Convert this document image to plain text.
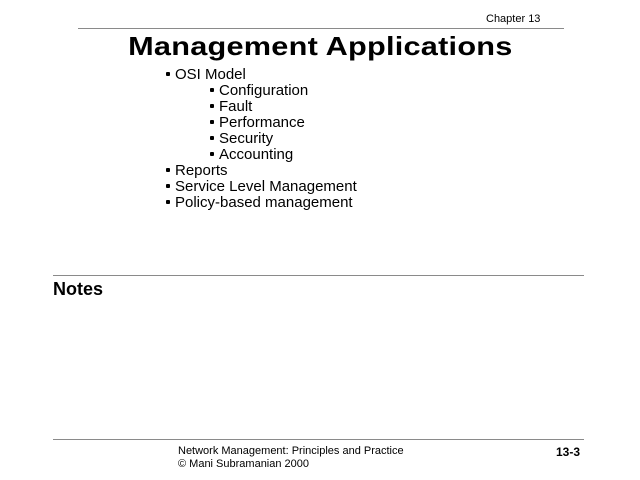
Chapter 13
Management Applications
OSI Model
Configuration
Fault
Performance
Security
Accounting
Reports
Service Level Management
Policy-based management
Notes
Network Management: Principles and Practice
© Mani Subramanian 2000
13-3
